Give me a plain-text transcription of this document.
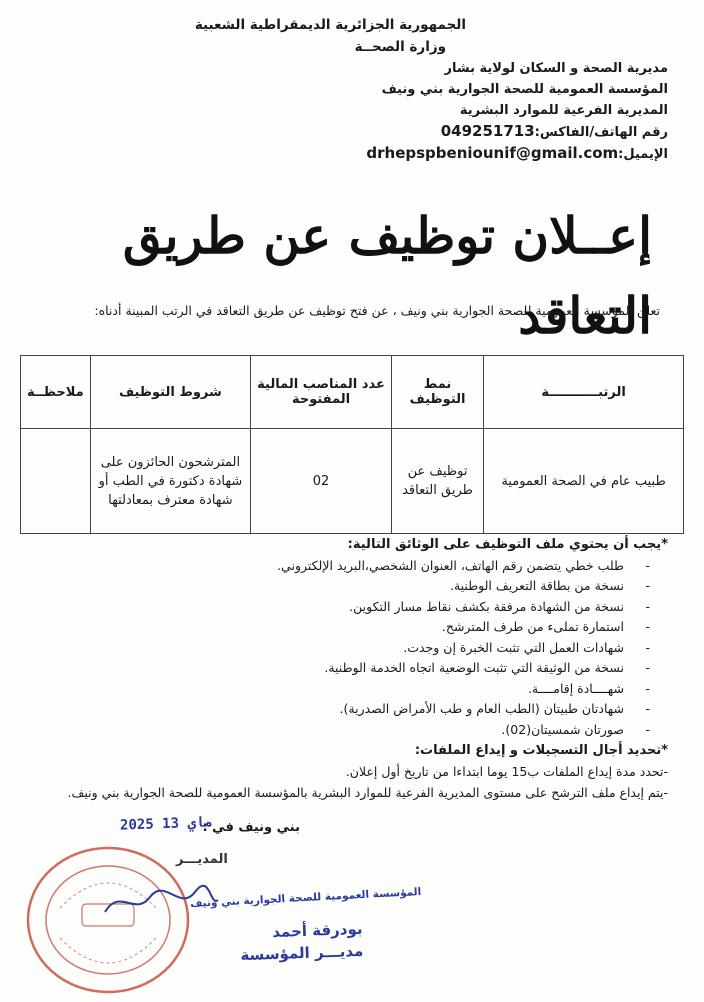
الجمهورية الجزائرية الديمقراطية الشعبية
وزارة الصحــة
مديرية الصحة و السكان لولاية بشار
المؤسسة العمومية للصحة الجوارية بني ونيف
المديرية الفرعية للموارد البشرية
رقم الهاتف/الفاكس:049251713
الإيميل:drhepspbeniounif@gmail.com
إعــلان توظيف عن طريق التعاقد
تعلن المؤسسة العمومية للصحة الجوارية بني ونيف ، عن فتح توظيف عن طريق التعاقد في الرتب المبينة أدناه:
الرتبـــــــــــة	نمط التوظيف	عدد المناصب المالية المفتوحة	شروط التوظيف	ملاحظــة
طبيب عام في الصحة العمومية	توظيف عن طريق التعاقد	02	المترشحون الحائزون على شهادة دكتورة في الطب أو شهادة معترف بمعادلتها	
*يجب أن يحتوي ملف التوظيف على الوثائق التالية:
- طلب خطي يتضمن رقم الهاتف، العنوان الشخصي،البريد الإلكتروني.
- نسخة من بطاقة التعريف الوطنية.
- نسخة من الشهادة مرفقة بكشف نقاط مسار التكوين.
- استمارة تملىء من طرف المترشح.
- شهادات العمل التي تثبت الخبرة إن وجدت.
- نسخة من الوثيقة التي تثبت الوضعية اتجاه الخدمة الوطنية.
- شهــــادة إقامــــة.
- شهادتان طبيتان (الطب العام و طب الأمراض الصدرية).
- صورتان شمسيتان(02).
*تحديد أجال التسجيلات و إيداع الملفات:
-تحدد مدة إيداع الملفات ب15 يوما ابتداءا من تاريخ أول إعلان.
-يتم إيداع ملف الترشح على مستوى المديرية الفرعية للموارد البشرية بالمؤسسة العمومية للصحة الجوارية بني ونيف.
بني ونيف في :
2025 ماي 13
المديـــر
المؤسسة العمومية للصحة الجوارية بني ونيف
بودرقة أحمد
مديـــر المؤسسة
